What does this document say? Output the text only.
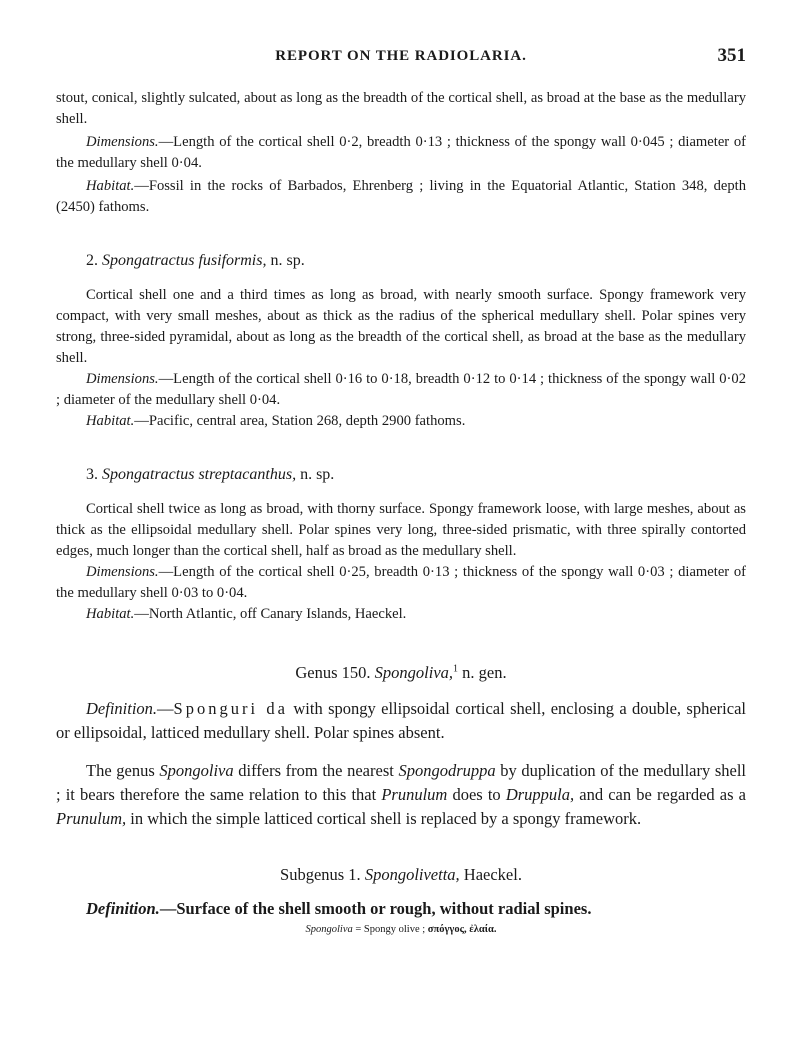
REPORT ON THE RADIOLARIA.	351

stout, conical, slightly sulcated, about as long as the breadth of the cortical shell, as broad at the base as the medullary shell.

Dimensions.—Length of the cortical shell 0·2, breadth 0·13 ; thickness of the spongy wall 0·045 ; diameter of the medullary shell 0·04.

Habitat.—Fossil in the rocks of Barbados, Ehrenberg ; living in the Equatorial Atlantic, Station 348, depth (2450) fathoms.

2. Spongatractus fusiformis, n. sp.

Cortical shell one and a third times as long as broad, with nearly smooth surface. Spongy framework very compact, with very small meshes, about as thick as the radius of the spherical medullary shell. Polar spines very strong, three-sided pyramidal, about as long as the breadth of the cortical shell, as broad at the base as the medullary shell.

Dimensions.—Length of the cortical shell 0·16 to 0·18, breadth 0·12 to 0·14 ; thickness of the spongy wall 0·02 ; diameter of the medullary shell 0·04.

Habitat.—Pacific, central area, Station 268, depth 2900 fathoms.

3. Spongatractus streptacanthus, n. sp.

Cortical shell twice as long as broad, with thorny surface. Spongy framework loose, with large meshes, about as thick as the ellipsoidal medullary shell. Polar spines very long, three-sided prismatic, with three spirally contorted edges, much longer than the cortical shell, half as broad as the medullary shell.

Dimensions.—Length of the cortical shell 0·25, breadth 0·13 ; thickness of the spongy wall 0·03 ; diameter of the medullary shell 0·03 to 0·04.

Habitat.—North Atlantic, off Canary Islands, Haeckel.

Genus 150. Spongoliva,$^1$ n. gen.

Definition.—Sponguri da with spongy ellipsoidal cortical shell, enclosing a double, spherical or ellipsoidal, latticed medullary shell. Polar spines absent.

The genus Spongoliva differs from the nearest Spongodruppa by duplication of the medullary shell ; it bears therefore the same relation to this that Prunulum does to Druppula, and can be regarded as a Prunulum, in which the simple latticed cortical shell is replaced by a spongy framework.

Subgenus 1. Spongolivetta, Haeckel.

Definition.—Surface of the shell smooth or rough, without radial spines.

Spongoliva = Spongy olive ; σπόγγος, ἐλαία.
